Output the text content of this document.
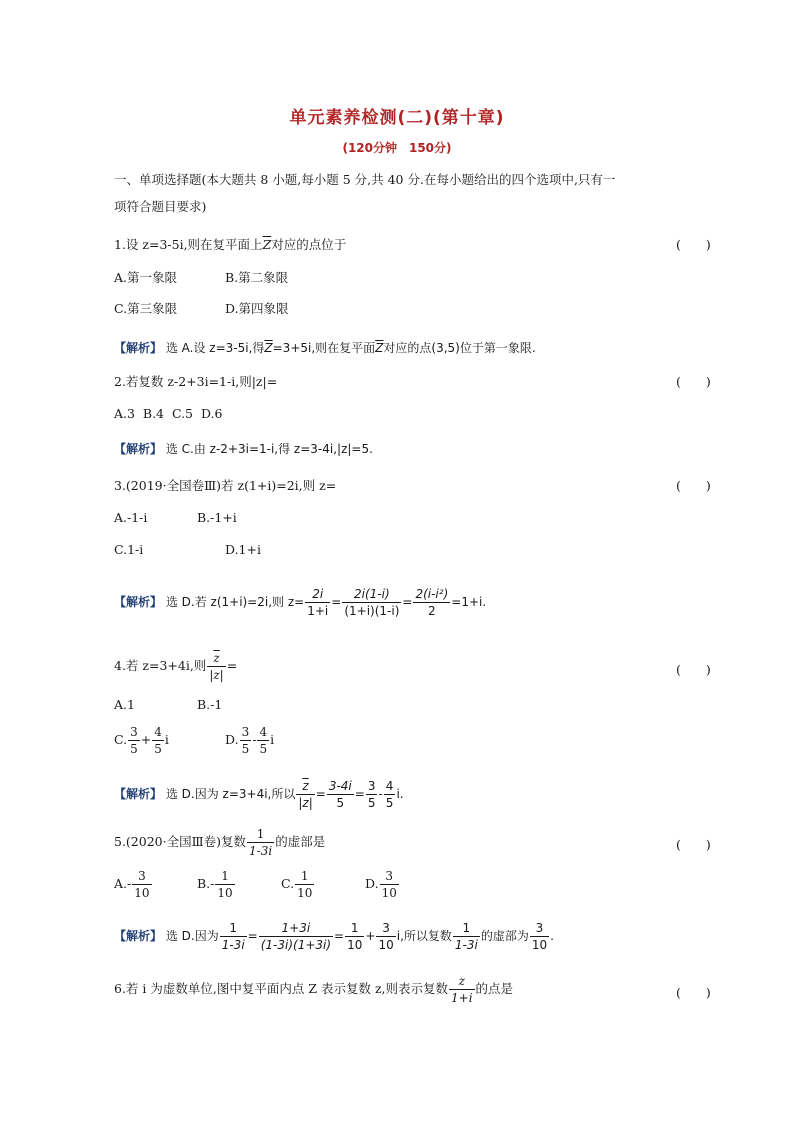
单元素养检测(二)(第十章)
(120分钟 150分)
一、单项选择题(本大题共 8 小题,每小题 5 分,共 40 分.在每小题给出的四个选项中,只有一
项符合题目要求)
1.设 z=3-5i,则在复平面上$\overline{Z}$对应的点位于	(  )
A.第一象限	B.第二象限
C.第三象限	D.第四象限
【解析】 选 A.设 z=3-5i,得$\overline{Z}=3+5i$,则在复平面$\overline{Z}$对应的点(3,5)位于第一象限.
2.若复数 z-2+3i=1-i,则|z|=	(  )
A.3  B.4  C.5  D.6
【解析】 选 C.由 z-2+3i=1-i,得 z=3-4i,|z|=5.
3.(2019·全国卷Ⅲ)若 z(1+i)=2i,则 z=	(  )
A.-1-i	B.-1+i
C.1-i	D.1+i
【解析】 选 D.若 z(1+i)=2i,则 $z= \frac{2i}{1+i} = \frac{2i(1-i)}{(1+i)(1-i)} = \frac{\text{2(i-i²)}}{2} =1+i$.
4.若 z=3+4i,则 $\frac{\overline{z}}{|z|}$ =	(  )
A.1	B.-1
C. $\frac{3}{5} + \frac{4}{5}$ i	D. $\frac{3}{5} - \frac{4}{5}$ i
【解析】 选 D.因为 z=3+4i,所以 $\frac{\overline{z}}{|z|} = \frac{3-4i}{5} = \frac{3}{5} - \frac{4}{5} i$.
5.(2020·全国Ⅲ卷)复数 $\frac{1}{1-3i}$ 的虚部是	(  )
$A.- \frac{3}{10}$	$B.- \frac{1}{10}$	C. $\frac{1}{10}$	D. $\frac{3}{10}$
【解析】 选 D.因为 $\frac{1}{1-3i} = \frac{1+3i}{(1-3i)(1+3i)} = \frac{1}{10} + \frac{3}{10} i$,所以复数 $\frac{1}{1-3i}$ 的虚部为 $\frac{3}{10}$ .
6.若 i 为虚数单位,图中复平面内点 Z 表示复数 z,则表示复数 $\frac{z}{1+i}$ 的点是	(  )
